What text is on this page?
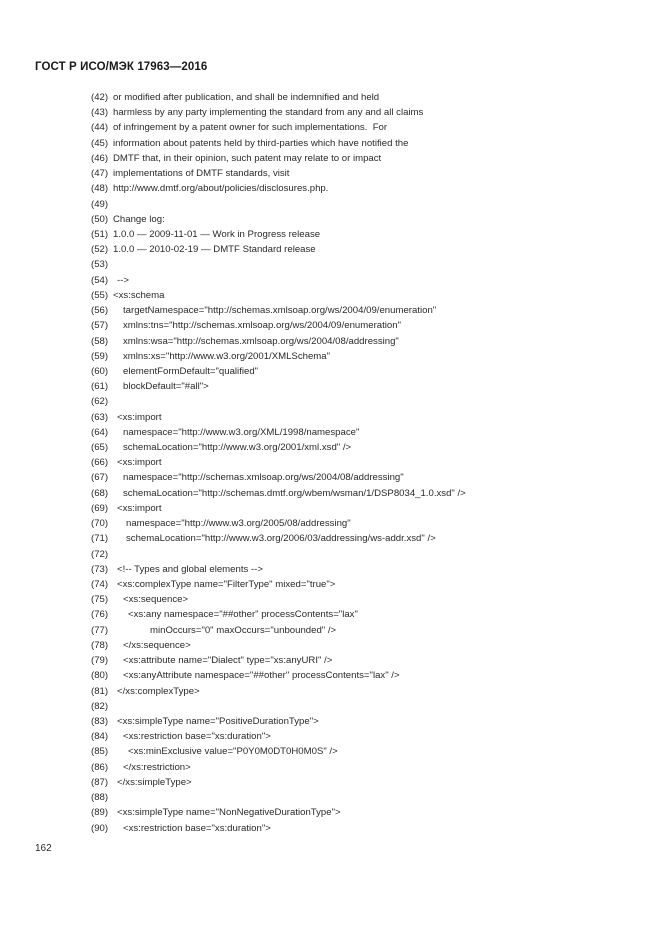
ГОСТ Р ИСО/МЭК 17963—2016
(42) or modified after publication, and shall be indemnified and held
(43) harmless by any party implementing the standard from any and all claims
(44) of infringement by a patent owner for such implementations.  For
(45) information about patents held by third-parties which have notified the
(46) DMTF that, in their opinion, such patent may relate to or impact
(47) implementations of DMTF standards, visit
(48) http://www.dmtf.org/about/policies/disclosures.php.
(49)
(50) Change log:
(51) 1.0.0 — 2009-11-01 — Work in Progress release
(52) 1.0.0 — 2010-02-19 — DMTF Standard release
(53)
(54) -->
(55) <xs:schema
(56) targetNamespace="http://schemas.xmlsoap.org/ws/2004/09/enumeration"
(57) xmlns:tns="http://schemas.xmlsoap.org/ws/2004/09/enumeration"
(58) xmlns:wsa="http://schemas.xmlsoap.org/ws/2004/08/addressing"
(59) xmlns:xs="http://www.w3.org/2001/XMLSchema"
(60) elementFormDefault="qualified"
(61) blockDefault="#all">
(62)
(63) <xs:import
(64) namespace="http://www.w3.org/XML/1998/namespace"
(65) schemaLocation="http://www.w3.org/2001/xml.xsd" />
(66) <xs:import
(67) namespace="http://schemas.xmlsoap.org/ws/2004/08/addressing"
(68) schemaLocation="http://schemas.dmtf.org/wbem/wsman/1/DSP8034_1.0.xsd" />
(69) <xs:import
(70) namespace="http://www.w3.org/2005/08/addressing"
(71) schemaLocation="http://www.w3.org/2006/03/addressing/ws-addr.xsd" />
(72)
(73) <!-- Types and global elements -->
(74) <xs:complexType name="FilterType" mixed="true">
(75) <xs:sequence>
(76) <xs:any namespace="##other" processContents="lax"
(77)	minOccurs="0" maxOccurs="unbounded" />
(78) </xs:sequence>
(79) <xs:attribute name="Dialect" type="xs:anyURI" />
(80) <xs:anyAttribute namespace="##other" processContents="lax" />
(81) </xs:complexType>
(82)
(83) <xs:simpleType name="PositiveDurationType">
(84) <xs:restriction base="xs:duration">
(85) <xs:minExclusive value="P0Y0M0DT0H0M0S" />
(86) </xs:restriction>
(87) </xs:simpleType>
(88)
(89) <xs:simpleType name="NonNegativeDurationType">
(90) <xs:restriction base="xs:duration">
162
